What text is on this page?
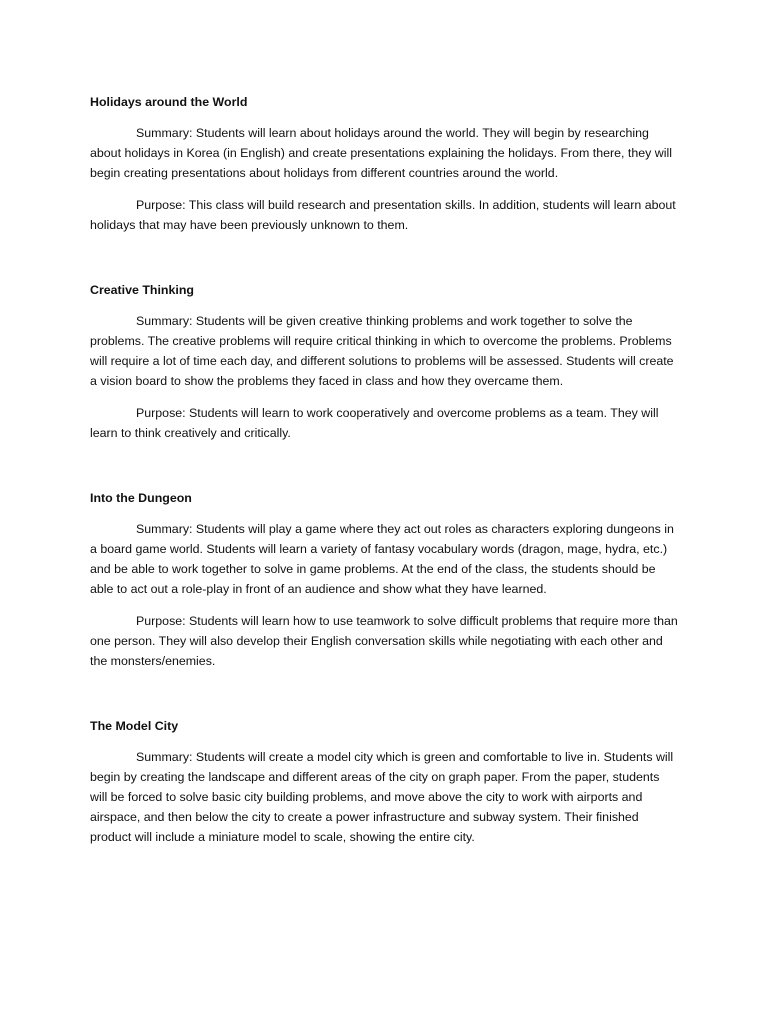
Holidays around the World

Summary: Students will learn about holidays around the world. They will begin by researching about holidays in Korea (in English) and create presentations explaining the holidays. From there, they will begin creating presentations about holidays from different countries around the world.

Purpose: This class will build research and presentation skills. In addition, students will learn about holidays that may have been previously unknown to them.

Creative Thinking

Summary: Students will be given creative thinking problems and work together to solve the problems. The creative problems will require critical thinking in which to overcome the problems. Problems will require a lot of time each day, and different solutions to problems will be assessed. Students will create a vision board to show the problems they faced in class and how they overcame them.

Purpose: Students will learn to work cooperatively and overcome problems as a team. They will learn to think creatively and critically.

Into the Dungeon

Summary: Students will play a game where they act out roles as characters exploring dungeons in a board game world. Students will learn a variety of fantasy vocabulary words (dragon, mage, hydra, etc.) and be able to work together to solve in game problems. At the end of the class, the students should be able to act out a role-play in front of an audience and show what they have learned.

Purpose: Students will learn how to use teamwork to solve difficult problems that require more than one person. They will also develop their English conversation skills while negotiating with each other and the monsters/enemies.

The Model City

Summary: Students will create a model city which is green and comfortable to live in. Students will begin by creating the landscape and different areas of the city on graph paper. From the paper, students will be forced to solve basic city building problems, and move above the city to work with airports and airspace, and then below the city to create a power infrastructure and subway system. Their finished product will include a miniature model to scale, showing the entire city.
